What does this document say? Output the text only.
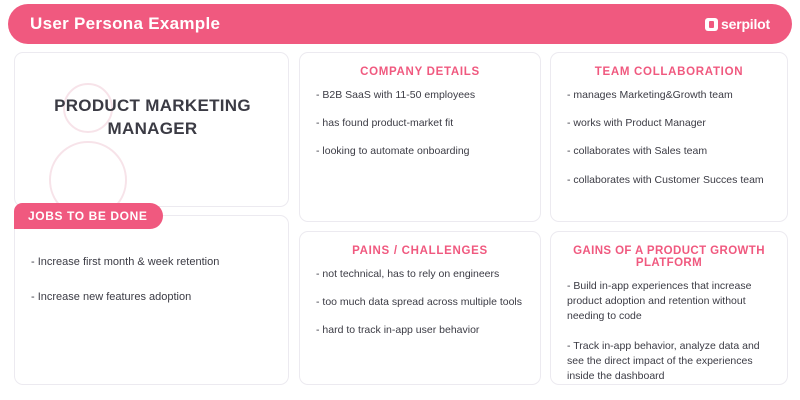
User Persona Example	serpilot
PRODUCT MARKETING MANAGER
JOBS TO BE DONE
- Increase first month & week retention
- Increase new features adoption
COMPANY DETAILS
- B2B SaaS with 11-50 employees
- has found product-market fit
- looking to automate onboarding
TEAM COLLABORATION
- manages Marketing&Growth team
- works with Product Manager
- collaborates with Sales team
- collaborates with Customer Succes team
PAINS / CHALLENGES
- not technical, has to rely on engineers
- too much data spread across multiple tools
- hard to track in-app user behavior
GAINS OF A PRODUCT GROWTH PLATFORM
- Build in-app experiences that increase product adoption and retention without needing to code
- Track in-app behavior, analyze data and see the direct impact of the experiences inside the dashboard
